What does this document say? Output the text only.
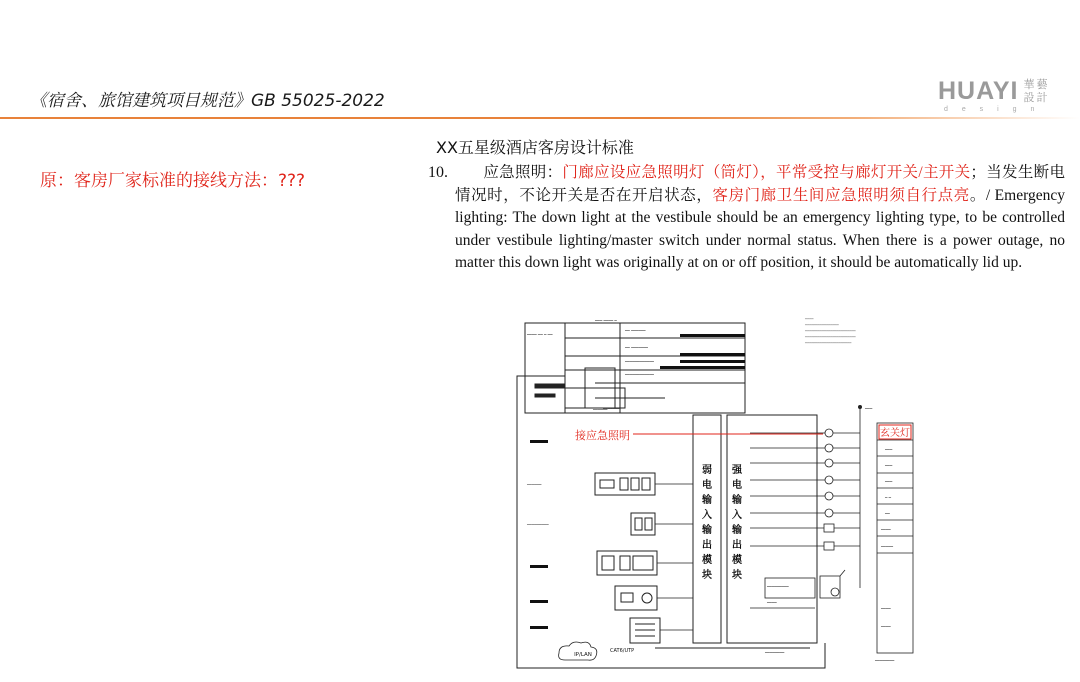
《宿舍、旅馆建筑项目规范》GB 55025-2022	HUAYI 華藝
設計
d e s i g n
原：客房厂家标准的接线方法：???
XX五星级酒店客房设计标准
10.	应急照明：门廊应设应急照明灯（筒灯），平常受控与廊灯开关/主开关；当发生断电情况时，不论开关是否在开启状态，客房门廊卫生间应急照明须自行点亮。/ Emergency lighting: The down light at the vestibule should be an emergency lighting type, to be controlled under vestibule lighting/master switch under normal status. When there is a power outage, no matter this down light was originally at on or off position, it should be automatically lid up.
━━━━ ━━ ━ ━━
━━━ ━━━━ ━
━━ ━━━━━━
━━ ━━━━━━━
━━━━━━━━━━━━
━━━━━━━━━━━━
━━━━━━
━━━━
━━━━━━━━━━━━━━━━
━━━━━━━━━━━━━━━━━━━━━━━━
━━━━━━━━━━━━━━━━━━━━━━━━
━━━━━━━━━━━━━━━━━━━━━━
━━━━━━
━━━━━━━━━
弱
电
输
入
输
出
模
块
强
电
输
入
输
出
模
块
━━━
━━━
━━━
━ ━
━━
━━━━
━━━━━
━━━━
━━━━
━━━━━━━━
玄关灯
接应急照明
━━━━━━━━━
━━━━
━━━━━━━━
━━━━━━━	━━━
IP/LAN
CAT6/UTP
